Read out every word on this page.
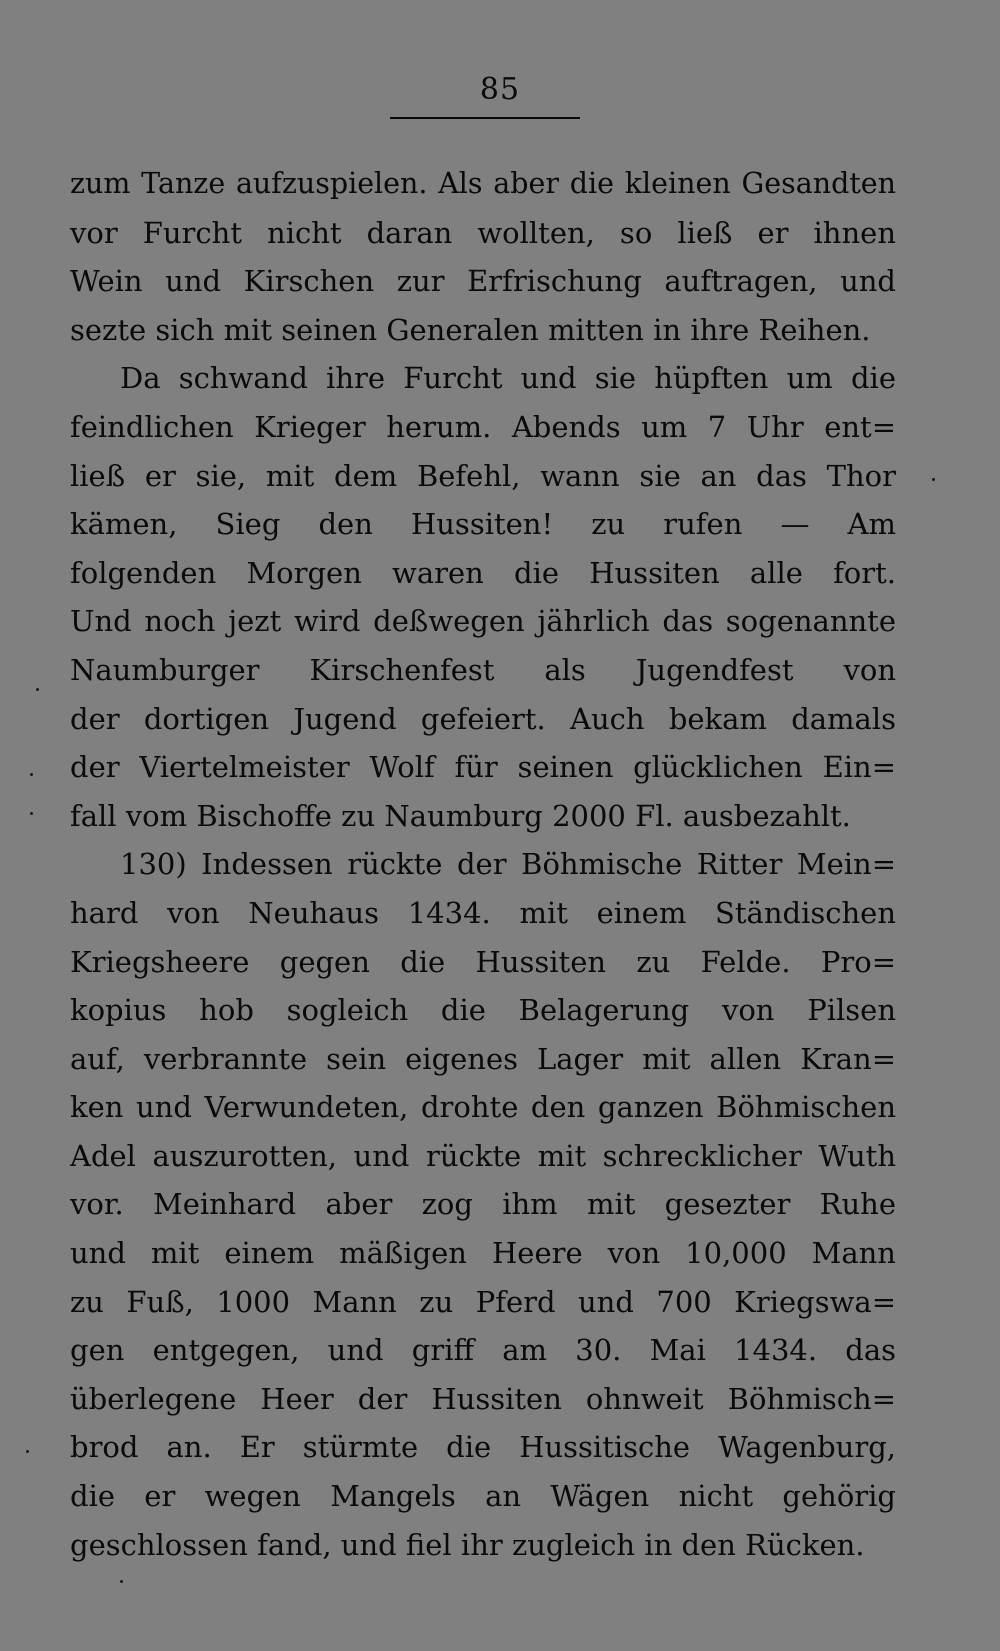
85
zum Tanze aufzuspielen. Als aber die kleinen Gesandten
vor Furcht nicht daran wollten, so ließ er ihnen
Wein und Kirschen zur Erfrischung auftragen, und
sezte sich mit seinen Generalen mitten in ihre Reihen.
Da schwand ihre Furcht und sie hüpften um die
feindlichen Krieger herum. Abends um 7 Uhr ent=
ließ er sie, mit dem Befehl, wann sie an das Thor
kämen, Sieg den Hussiten! zu rufen — Am
folgenden Morgen waren die Hussiten alle fort.
Und noch jezt wird deßwegen jährlich das sogenannte
Naumburger Kirschenfest als Jugendfest von
der dortigen Jugend gefeiert. Auch bekam damals
der Viertelmeister Wolf für seinen glücklichen Ein=
fall vom Bischoffe zu Naumburg 2000 Fl. ausbezahlt.
130) Indessen rückte der Böhmische Ritter Mein=
hard von Neuhaus 1434. mit einem Ständischen
Kriegsheere gegen die Hussiten zu Felde. Pro=
kopius hob sogleich die Belagerung von Pilsen
auf, verbrannte sein eigenes Lager mit allen Kran=
ken und Verwundeten, drohte den ganzen Böhmischen
Adel auszurotten, und rückte mit schrecklicher Wuth
vor. Meinhard aber zog ihm mit gesezter Ruhe
und mit einem mäßigen Heere von 10,000 Mann
zu Fuß, 1000 Mann zu Pferd und 700 Kriegswa=
gen entgegen, und griff am 30. Mai 1434. das
überlegene Heer der Hussiten ohnweit Böhmisch=
brod an. Er stürmte die Hussitische Wagenburg,
die er wegen Mangels an Wägen nicht gehörig
geschlossen fand, und fiel ihr zugleich in den Rücken.
